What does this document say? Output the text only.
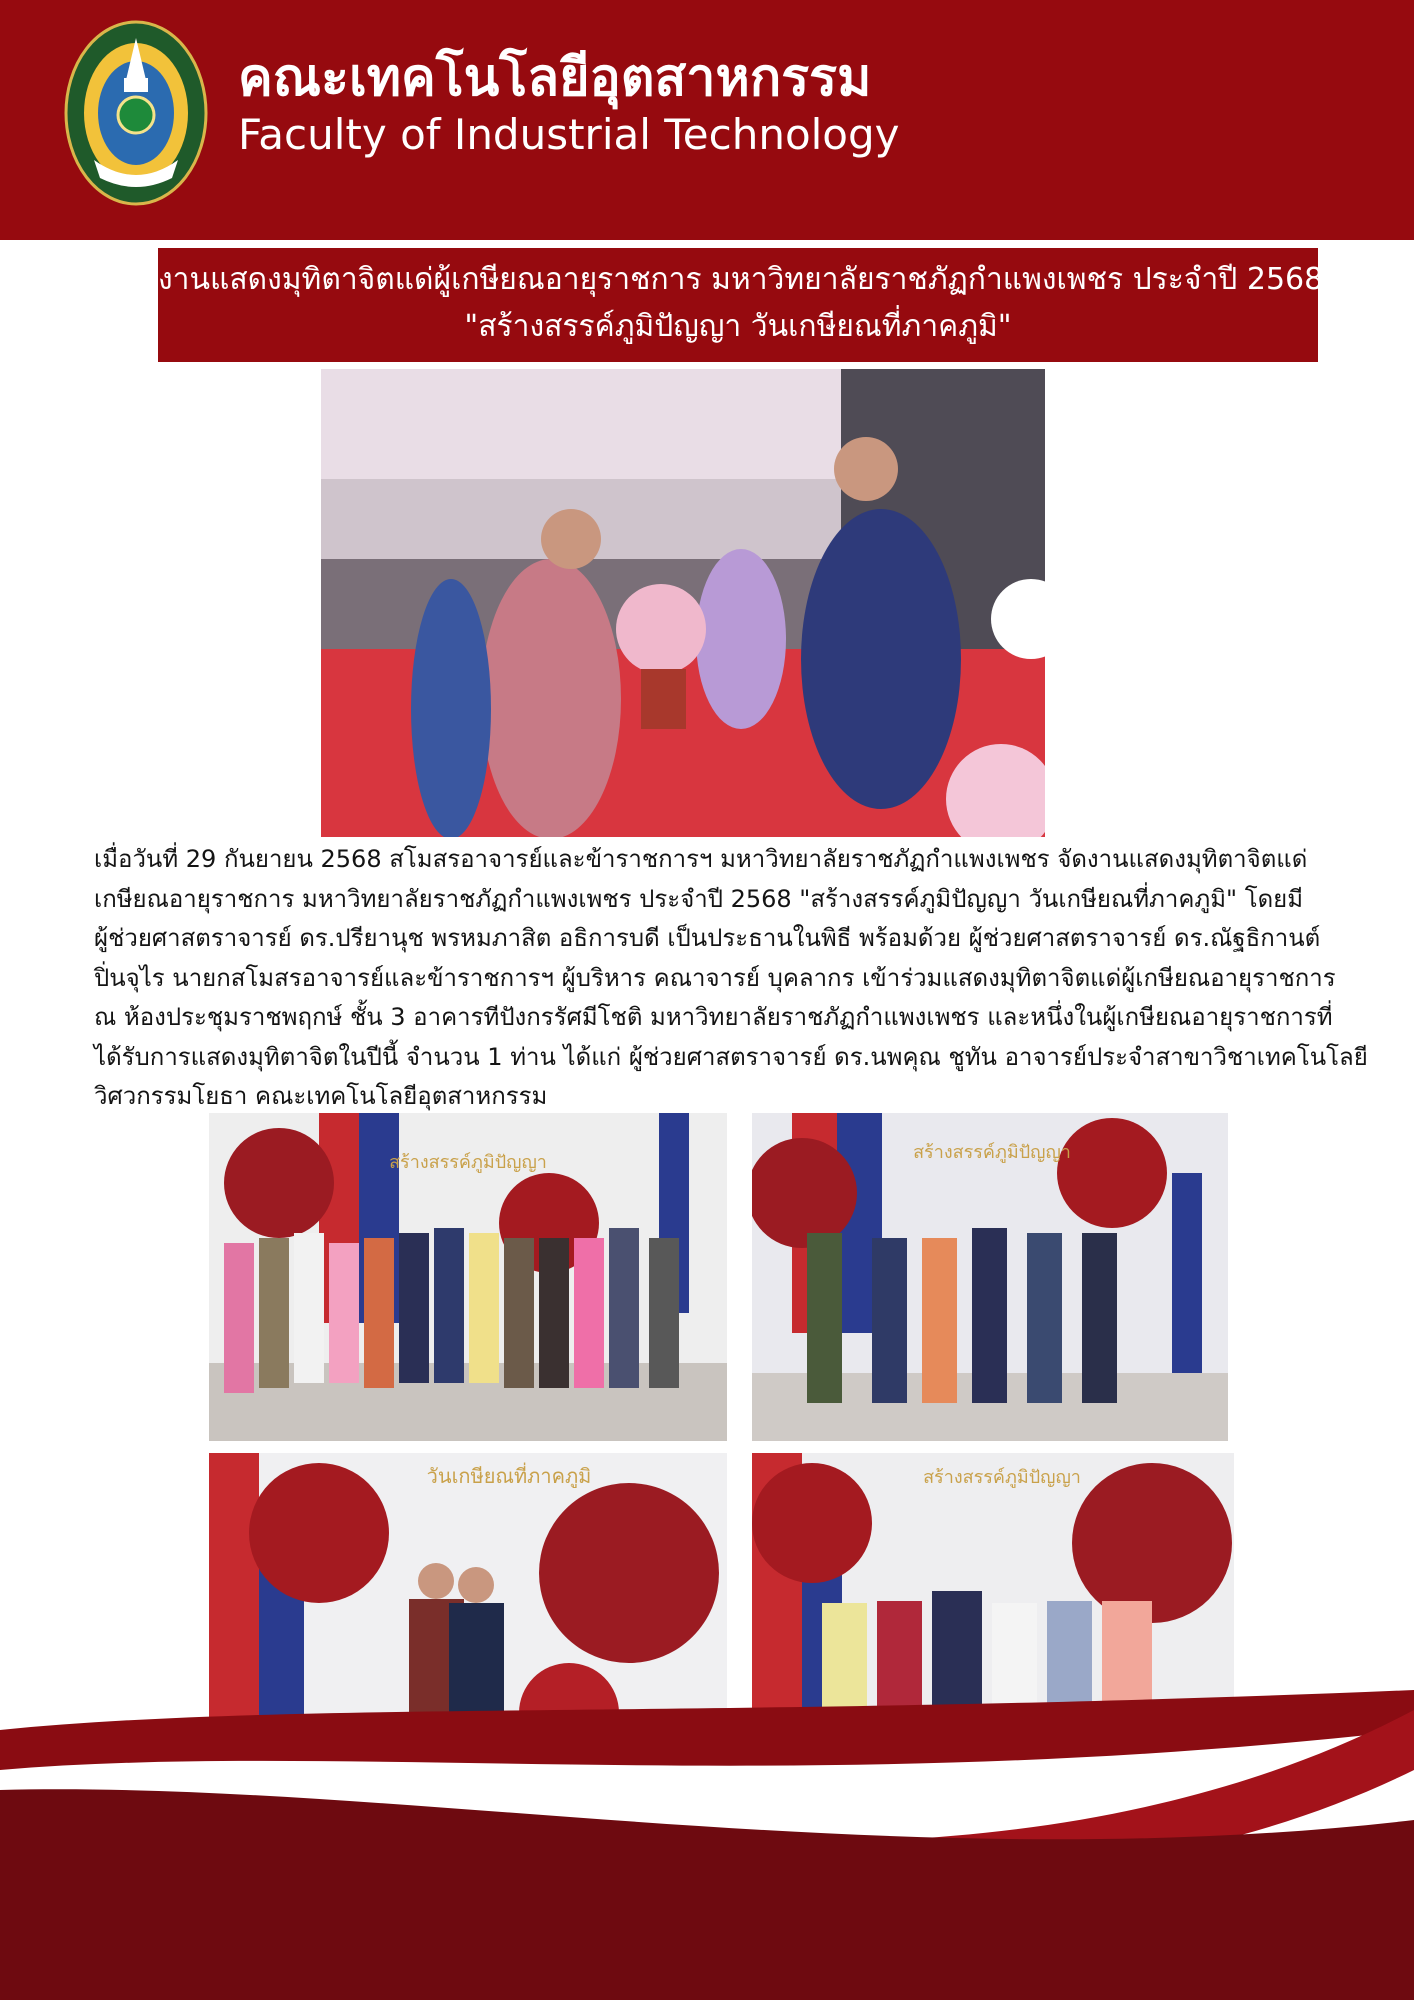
คณะเทคโนโลยีอุตสาหกรรม
Faculty of Industrial Technology
งานแสดงมุทิตาจิตแด่ผู้เกษียณอายุราชการ มหาวิทยาลัยราชภัฏกำแพงเพชร ประจำปี 2568
"สร้างสรรค์ภูมิปัญญา วันเกษียณที่ภาคภูมิ"
เมื่อวันที่ 29 กันยายน 2568 สโมสรอาจารย์และข้าราชการฯ มหาวิทยาลัยราชภัฏกำแพงเพชร จัดงานแสดงมุทิตาจิตแด่
เกษียณอายุราชการ มหาวิทยาลัยราชภัฏกำแพงเพชร ประจำปี 2568 "สร้างสรรค์ภูมิปัญญา วันเกษียณที่ภาคภูมิ" โดยมี
ผู้ช่วยศาสตราจารย์ ดร.ปรียานุช พรหมภาสิต อธิการบดี เป็นประธานในพิธี พร้อมด้วย ผู้ช่วยศาสตราจารย์ ดร.ณัฐธิกานต์
ปิ่นจุไร นายกสโมสรอาจารย์และข้าราชการฯ ผู้บริหาร คณาจารย์ บุคลากร เข้าร่วมแสดงมุทิตาจิตแด่ผู้เกษียณอายุราชการ
ณ ห้องประชุมราชพฤกษ์ ชั้น 3 อาคารทีปังกรรัศมีโชติ มหาวิทยาลัยราชภัฏกำแพงเพชร และหนึ่งในผู้เกษียณอายุราชการที่
ได้รับการแสดงมุทิตาจิตในปีนี้ จำนวน 1 ท่าน ได้แก่ ผู้ช่วยศาสตราจารย์ ดร.นพคุณ ชูทัน อาจารย์ประจำสาขาวิชาเทคโนโลยี
วิศวกรรมโยธา คณะเทคโนโลยีอุตสาหกรรม
สร้างสรรค์ภูมิปัญญา	สร้างสรรค์ภูมิปัญญา
วันเกษียณที่ภาคภูมิ	สร้างสรรค์ภูมิปัญญา
